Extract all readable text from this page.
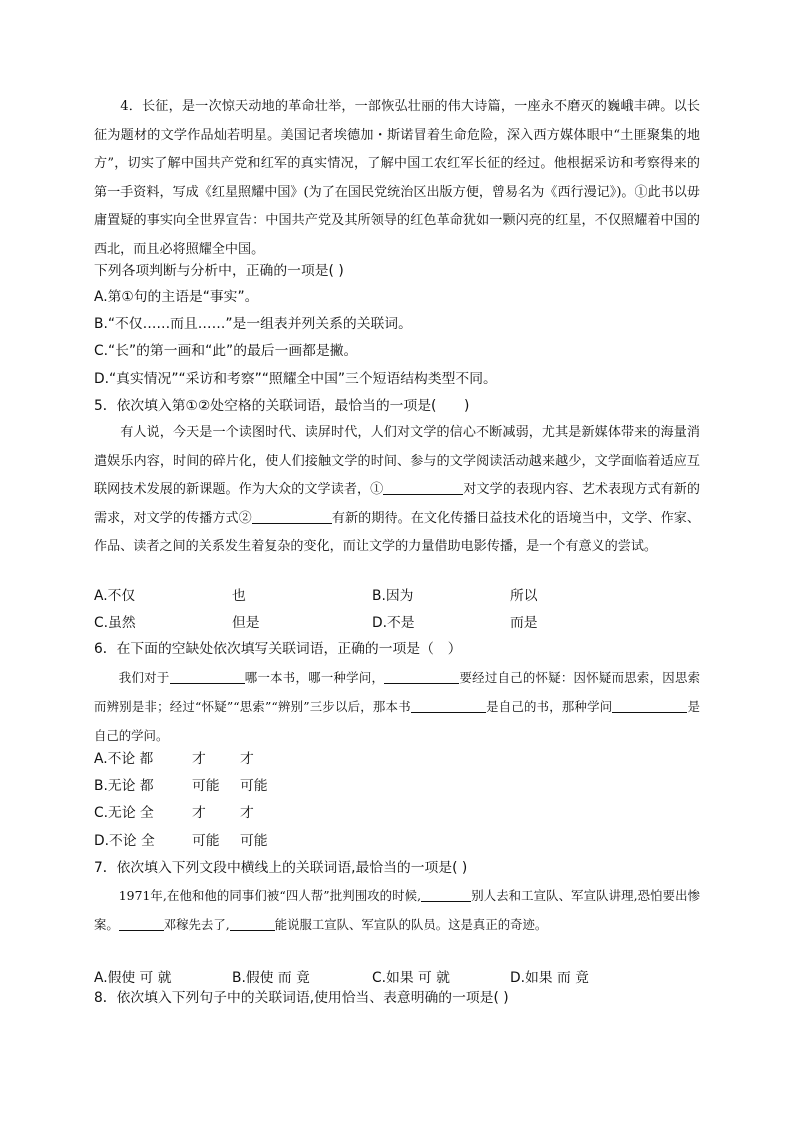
4．长征，是一次惊天动地的革命壮举，一部恢弘壮丽的伟大诗篇，一座永不磨灭的巍峨丰碑。以长征为题材的文学作品灿若明星。美国记者埃德加・斯诺冒着生命危险，深入西方媒体眼中“土匪聚集的地方”，切实了解中国共产党和红军的真实情况，了解中国工农红军长征的经过。他根据采访和考察得来的第一手资料，写成《红星照耀中国》(为了在国民党统治区出版方便，曾易名为《西行漫记》)。①此书以毋庸置疑的事实向全世界宣告：中国共产党及其所领导的红色革命犹如一颗闪亮的红星，不仅照耀着中国的西北，而且必将照耀全中国。
下列各项判断与分析中，正确的一项是( )
A.第①句的主语是“事实”。
B.“不仅……而且……”是一组表并列关系的关联词。
C.“长”的第一画和“此”的最后一画都是撇。
D.“真实情况”“采访和考察”“照耀全中国”三个短语结构类型不同。
5．依次填入第①②处空格的关联词语，最恰当的一项是(　　)
有人说，今天是一个读图时代、读屏时代，人们对文学的信心不断减弱，尤其是新媒体带来的海量消遣娱乐内容，时间的碎片化，使人们接触文学的时间、参与的文学阅读活动越来越少，文学面临着适应互联网技术发展的新课题。作为大众的文学读者，①	对文学的表现内容、艺术表现方式有新的需求，对文学的传播方式②	有新的期待。在文化传播日益技术化的语境当中，文学、作家、作品、读者之间的关系发生着复杂的变化，而让文学的力量借助电影传播，是一个有意义的尝试。
A.不仅	也	B.因为	所以
C.虽然	但是	D.不是	而是
6．在下面的空缺处依次填写关联词语，正确的一项是（　）
我们对于	哪一本书，哪一种学问，	要经过自己的怀疑：因怀疑而思索，因思索而辨别是非；经过“怀疑”“思索”“辨别”三步以后，那本书	是自己的书，那种学问	是自己的学问。
A.不论 都	才 才
B.无论 都	可能 可能
C.无论 全	才 才
D.不论 全	可能 可能
7．依次填入下列文段中横线上的关联词语,最恰当的一项是( )
1971年,在他和他的同事们被“四人帮”批判围攻的时候,	别人去和工宣队、军宣队讲理,恐怕要出惨案。	邓稼先去了,	能说服工宣队、军宣队的队员。这是真正的奇迹。
A.假使 可 就	B.假使 而 竟	C.如果 可 就	D.如果 而 竟
8．依次填入下列句子中的关联词语,使用恰当、表意明确的一项是( )
